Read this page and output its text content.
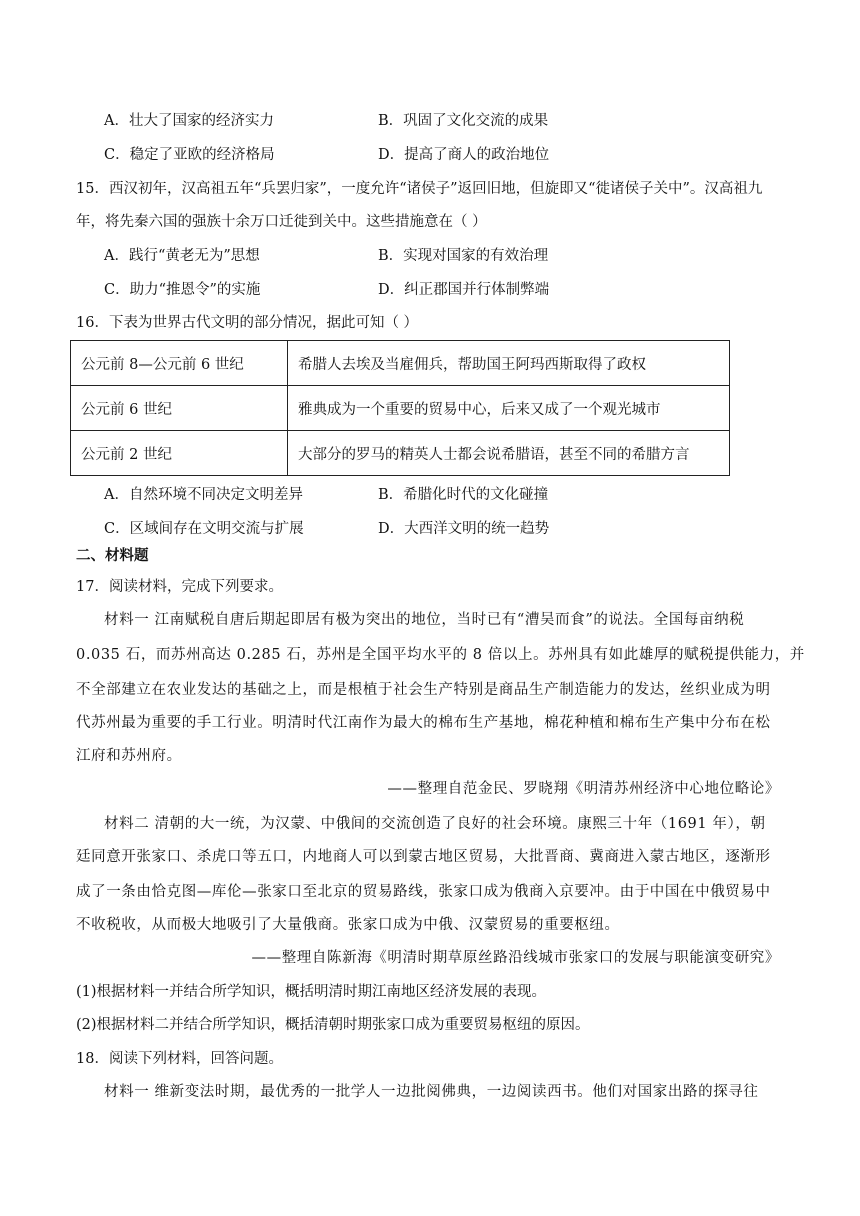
A．壮大了国家的经济实力	B．巩固了文化交流的成果
C．稳定了亚欧的经济格局	D．提高了商人的政治地位
15．西汉初年，汉高祖五年“兵罢归家”，一度允许“诸侯子”返回旧地，但旋即又“徙诸侯子关中”。汉高祖九
年，将先秦六国的强族十余万口迁徙到关中。这些措施意在（ ）
A．践行“黄老无为”思想	B．实现对国家的有效治理
C．助力“推恩令”的实施	D．纠正郡国并行体制弊端
16．下表为世界古代文明的部分情况，据此可知（ ）
公元前 8—公元前 6 世纪	希腊人去埃及当雇佣兵，帮助国王阿玛西斯取得了政权
公元前 6 世纪	雅典成为一个重要的贸易中心，后来又成了一个观光城市
公元前 2 世纪	大部分的罗马的精英人士都会说希腊语，甚至不同的希腊方言
A．自然环境不同决定文明差异	B．希腊化时代的文化碰撞
C．区域间存在文明交流与扩展	D．大西洋文明的统一趋势
二、材料题
17．阅读材料，完成下列要求。
材料一 江南赋税自唐后期起即居有极为突出的地位，当时已有“漕吴而食”的说法。全国每亩纳税
0.035 石，而苏州高达 0.285 石，苏州是全国平均水平的 8 倍以上。苏州具有如此雄厚的赋税提供能力，并
不全部建立在农业发达的基础之上，而是根植于社会生产特别是商品生产制造能力的发达，丝织业成为明
代苏州最为重要的手工行业。明清时代江南作为最大的棉布生产基地，棉花种植和棉布生产集中分布在松
江府和苏州府。
——整理自范金民、罗晓翔《明清苏州经济中心地位略论》
材料二 清朝的大一统，为汉蒙、中俄间的交流创造了良好的社会环境。康熙三十年（1691 年），朝
廷同意开张家口、杀虎口等五口，内地商人可以到蒙古地区贸易，大批晋商、冀商进入蒙古地区，逐渐形
成了一条由恰克图—库伦—张家口至北京的贸易路线，张家口成为俄商入京要冲。由于中国在中俄贸易中
不收税收，从而极大地吸引了大量俄商。张家口成为中俄、汉蒙贸易的重要枢纽。
——整理自陈新海《明清时期草原丝路沿线城市张家口的发展与职能演变研究》
(1)根据材料一并结合所学知识，概括明清时期江南地区经济发展的表现。
(2)根据材料二并结合所学知识，概括清朝时期张家口成为重要贸易枢纽的原因。
18．阅读下列材料，回答问题。
材料一 维新变法时期，最优秀的一批学人一边批阅佛典，一边阅读西书。他们对国家出路的探寻往
